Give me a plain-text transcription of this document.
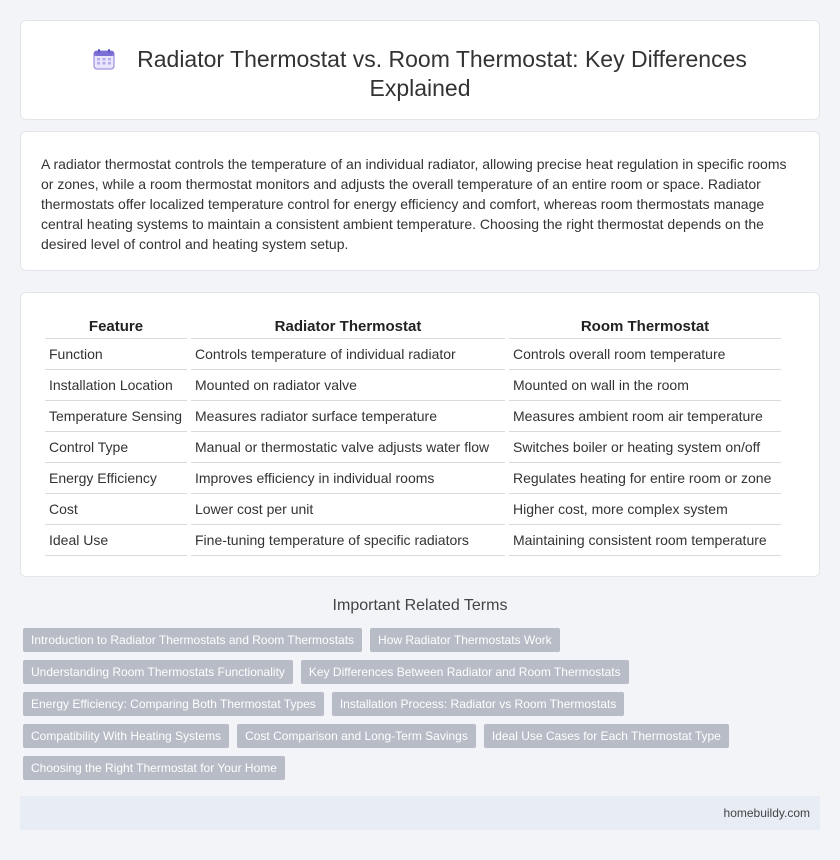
Radiator Thermostat vs. Room Thermostat: Key Differences
Explained

A radiator thermostat controls the temperature of an individual radiator, allowing precise heat regulation in specific rooms or zones, while a room thermostat monitors and adjusts the overall temperature of an entire room or space. Radiator thermostats offer localized temperature control for energy efficiency and comfort, whereas room thermostats manage central heating systems to maintain a consistent ambient temperature. Choosing the right thermostat depends on the desired level of control and heating system setup.

Feature	Radiator Thermostat	Room Thermostat
Function	Controls temperature of individual radiator	Controls overall room temperature
Installation Location	Mounted on radiator valve	Mounted on wall in the room
Temperature Sensing	Measures radiator surface temperature	Measures ambient room air temperature
Control Type	Manual or thermostatic valve adjusts water flow	Switches boiler or heating system on/off
Energy Efficiency	Improves efficiency in individual rooms	Regulates heating for entire room or zone
Cost	Lower cost per unit	Higher cost, more complex system
Ideal Use	Fine-tuning temperature of specific radiators	Maintaining consistent room temperature
Important Related Terms
Introduction to Radiator Thermostats and Room Thermostats	How Radiator Thermostats Work
Understanding Room Thermostats Functionality	Key Differences Between Radiator and Room Thermostats
Energy Efficiency: Comparing Both Thermostat Types	Installation Process: Radiator vs Room Thermostats
Compatibility With Heating Systems	Cost Comparison and Long-Term Savings	Ideal Use Cases for Each Thermostat Type
Choosing the Right Thermostat for Your Home
homebuildy.com
